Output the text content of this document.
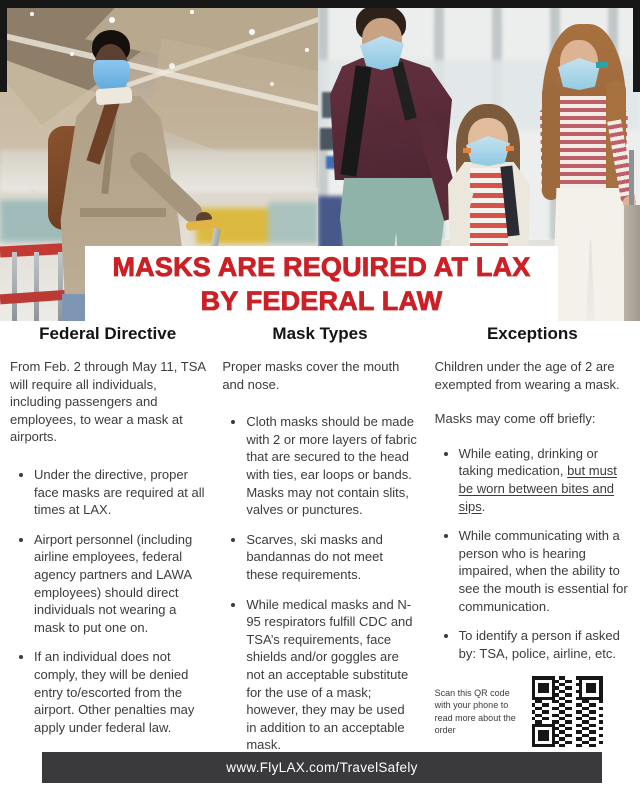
MASKS ARE REQUIRED AT LAX
BY FEDERAL LAW
Federal Directive

From Feb. 2 through May 11, TSA will require all individuals, including passengers and employees, to wear a mask at airports.

• Under the directive, proper face masks are required at all times at LAX.
• Airport personnel (including airline employees, federal agency partners and LAWA employees) should direct individuals not wearing a mask to put one on.
• If an individual does not comply, they will be denied entry to/escorted from the airport. Other penalties may apply under federal law.
Mask Types

Proper masks cover the mouth and nose.

• Cloth masks should be made with 2 or more layers of fabric that are secured to the head with ties, ear loops or bands. Masks may not contain slits, valves or punctures.
• Scarves, ski masks and bandannas do not meet these requirements.
• While medical masks and N-95 respirators fulfill CDC and TSA’s requirements, face shields and/or goggles are not an acceptable substitute for the use of a mask; however, they may be used in addition to an acceptable mask.
Exceptions

Children under the age of 2 are exempted from wearing a mask.

Masks may come off briefly:

• While eating, drinking or taking medication, but must be worn between bites and sips.
• While communicating with a person who is hearing impaired, when the ability to see the mouth is essential for communication.
• To identify a person if asked by: TSA, police, airline, etc.
Scan this QR code with your phone to read more about the order
www.FlyLAX.com/TravelSafely
